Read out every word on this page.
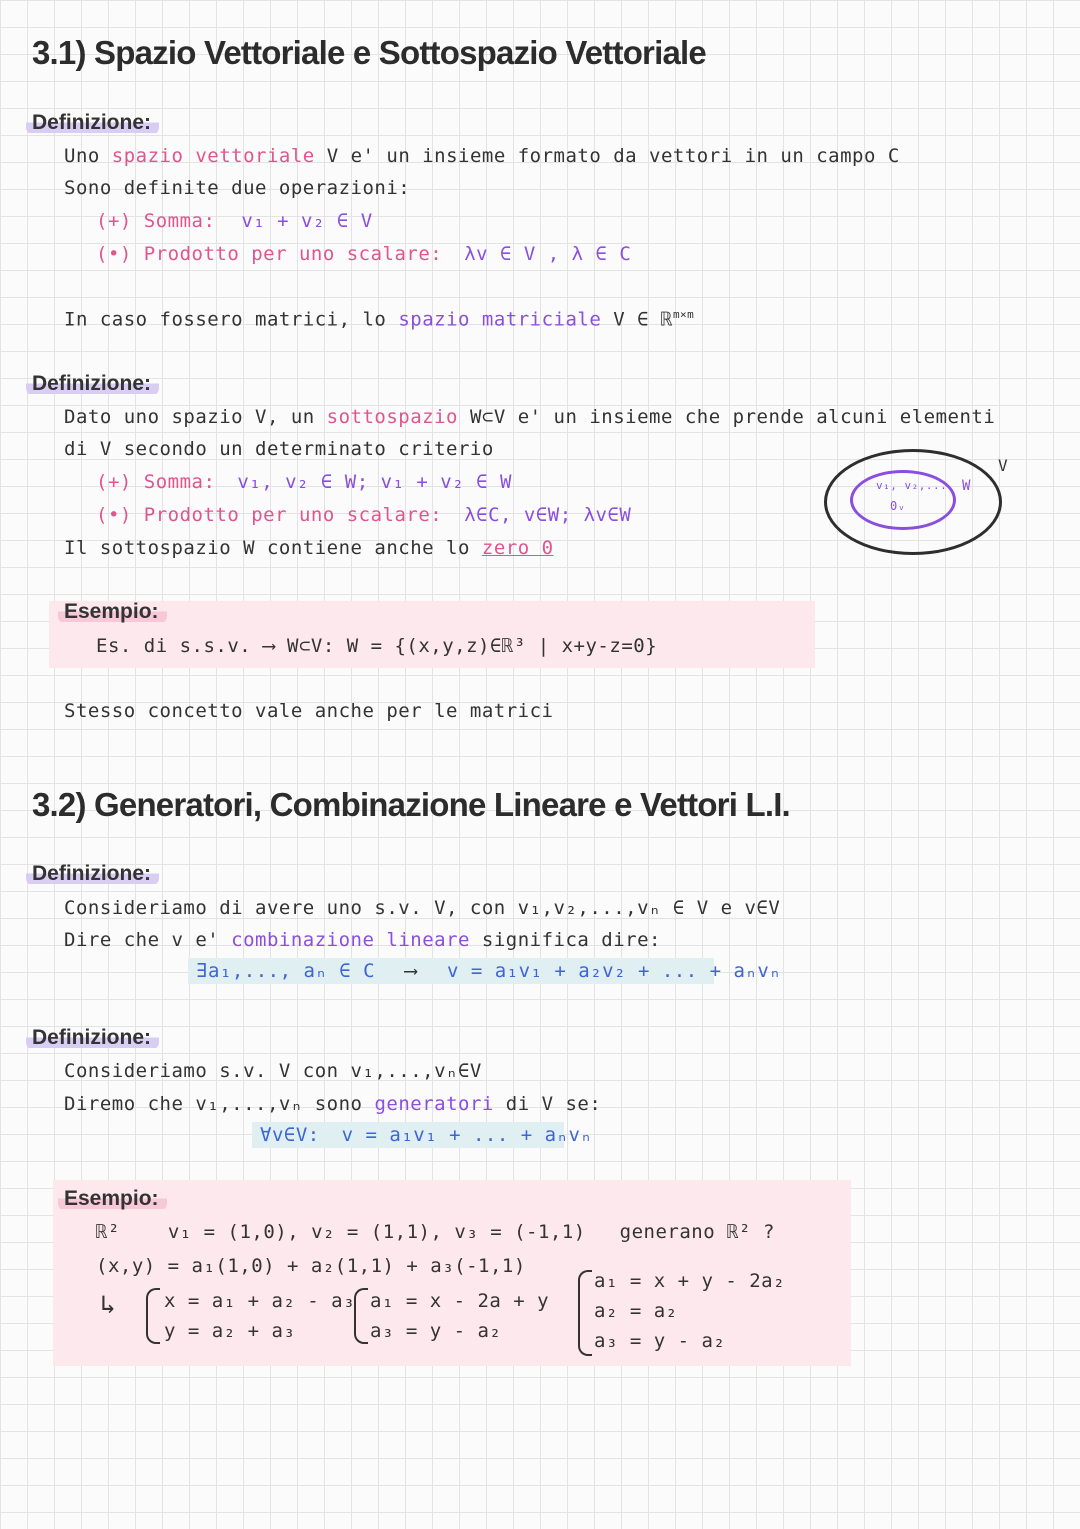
3.1) Spazio Vettoriale e Sottospazio Vettoriale
Definizione:
Uno spazio vettoriale V e' un insieme formato da vettori in un campo C
Sono definite due operazioni:
(+) Somma: v₁ + v₂ ∈ V
(•) Prodotto per uno scalare: λv ∈ V , λ ∈ C
In caso fossero matrici, lo spazio matriciale V ∈ ℝ$^{m\times m}$
Definizione:
Dato uno spazio V, un sottospazio W⊂V e' un insieme che prende alcuni elementi
di V secondo un determinato criterio
(+) Somma: v₁, v₂ ∈ W; v₁ + v₂ ∈ W
(•) Prodotto per uno scalare: λ∈C, v∈W; λv∈W
Il sottospazio W contiene anche lo zero 0
V
W
v₁, v₂,...
0ᵥ
Esempio:
Es. di s.s.v. ⟶ W⊂V: W = {(x,y,z)∈ℝ³ | x+y-z=0}
Stesso concetto vale anche per le matrici
3.2) Generatori, Combinazione Lineare e Vettori L.I.
Definizione:
Consideriamo di avere uno s.v. V, con v₁,v₂,...,vₙ ∈ V e v∈V
Dire che v e' combinazione lineare significa dire:
∃a₁,..., aₙ ∈ C ⟶ v = a₁v₁ + a₂v₂ + ... + aₙvₙ
Definizione:
Consideriamo s.v. V con v₁,...,vₙ∈V
Diremo che v₁,...,vₙ sono generatori di V se:
∀v∈V: v = a₁v₁ + ... + aₙvₙ
Esempio:
ℝ²	v₁ = (1,0), v₂ = (1,1), v₃ = (-1,1) generano ℝ² ?
(x,y) = a₁(1,0) + a₂(1,1) + a₃(-1,1)
↳	x = a₁ + a₂ - a₃
y = a₂ + a₃
a₁ = x - 2a + y
a₃ = y - a₂
a₁ = x + y - 2a₂
a₂ = a₂
a₃ = y - a₂
